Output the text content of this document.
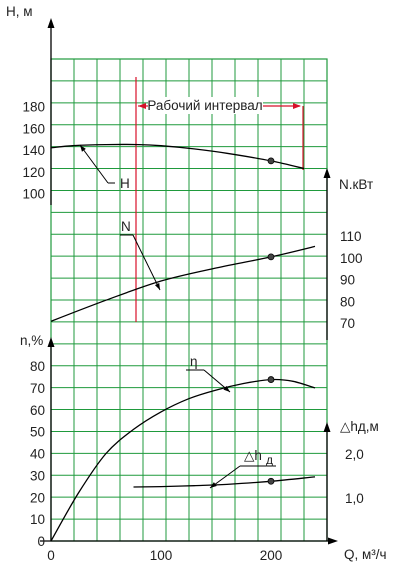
H, м
100
120
140
160
180
N.кВт
70
80
90
100
110
n,%
0
10
20
30
40
50
60
70
80
△hд,м
1,0
2,0
0	100	200	Q, м³/ч
Рабочий интервал
H
N
η
△h д
